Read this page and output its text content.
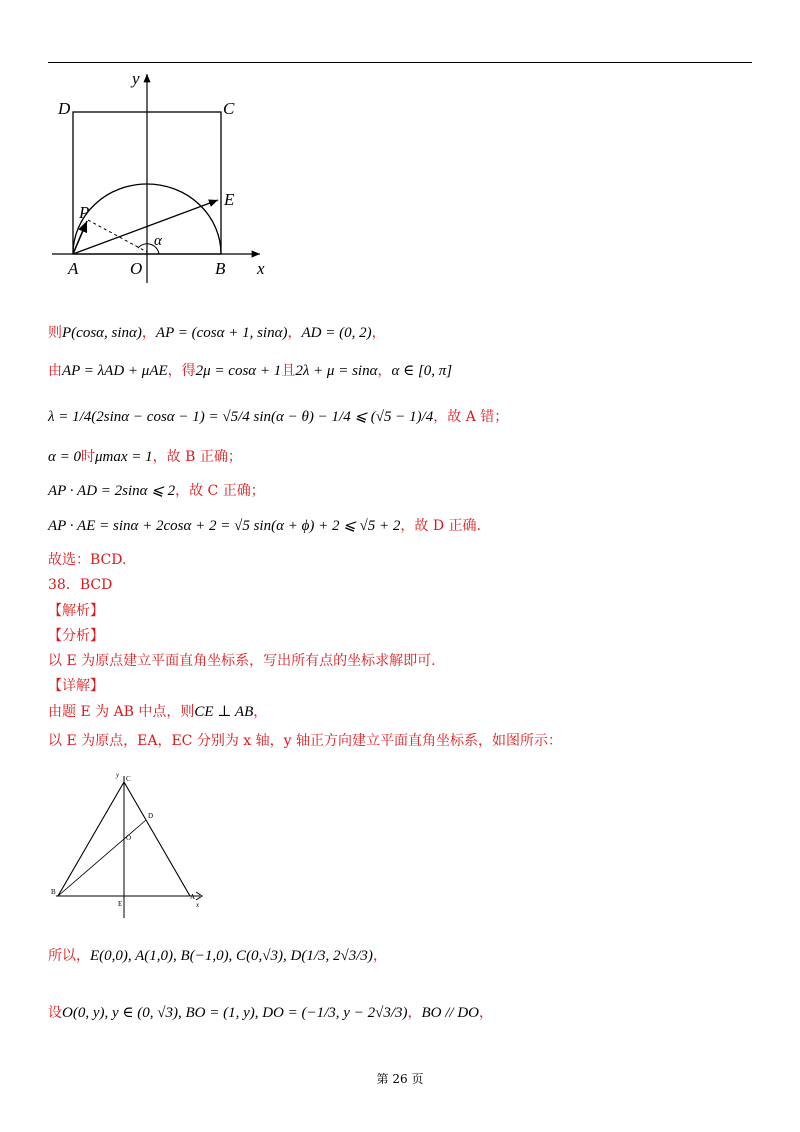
y
D	C
E
P
α
A	O	B x
则P(cosα, sinα)，AP = (cosα + 1, sinα)，AD = (0, 2)，
由AP = λAD + μAE，得2μ = cosα + 1且2λ + μ = sinα，α ∈ [0, π]
λ = 1/4(2sinα − cosα − 1) = √5/4 sin(α − θ) − 1/4 ⩽ (√5 − 1)/4，故 A 错；
α = 0时μmax = 1，故 B 正确；
AP · AD = 2sinα ⩽ 2，故 C 正确；
AP · AE = sinα + 2cosα + 2 = √5 sin(α + ϕ) + 2 ⩽ √5 + 2，故 D 正确.
故选：BCD.
38．BCD
【解析】
【分析】
以 E 为原点建立平面直角坐标系，写出所有点的坐标求解即可.
【详解】
由题 E 为 AB 中点，则CE ⊥ AB，
以 E 为原点，EA，EC 分别为 x 轴，y 轴正方向建立平面直角坐标系，如图所示：
y C
D
O
B
E
A
x
所以，E(0,0), A(1,0), B(−1,0), C(0,√3), D(1/3, 2√3/3)，
设O(0, y), y ∈ (0, √3), BO = (1, y), DO = (−1/3, y − 2√3/3)，BO // DO，
第 26 页
